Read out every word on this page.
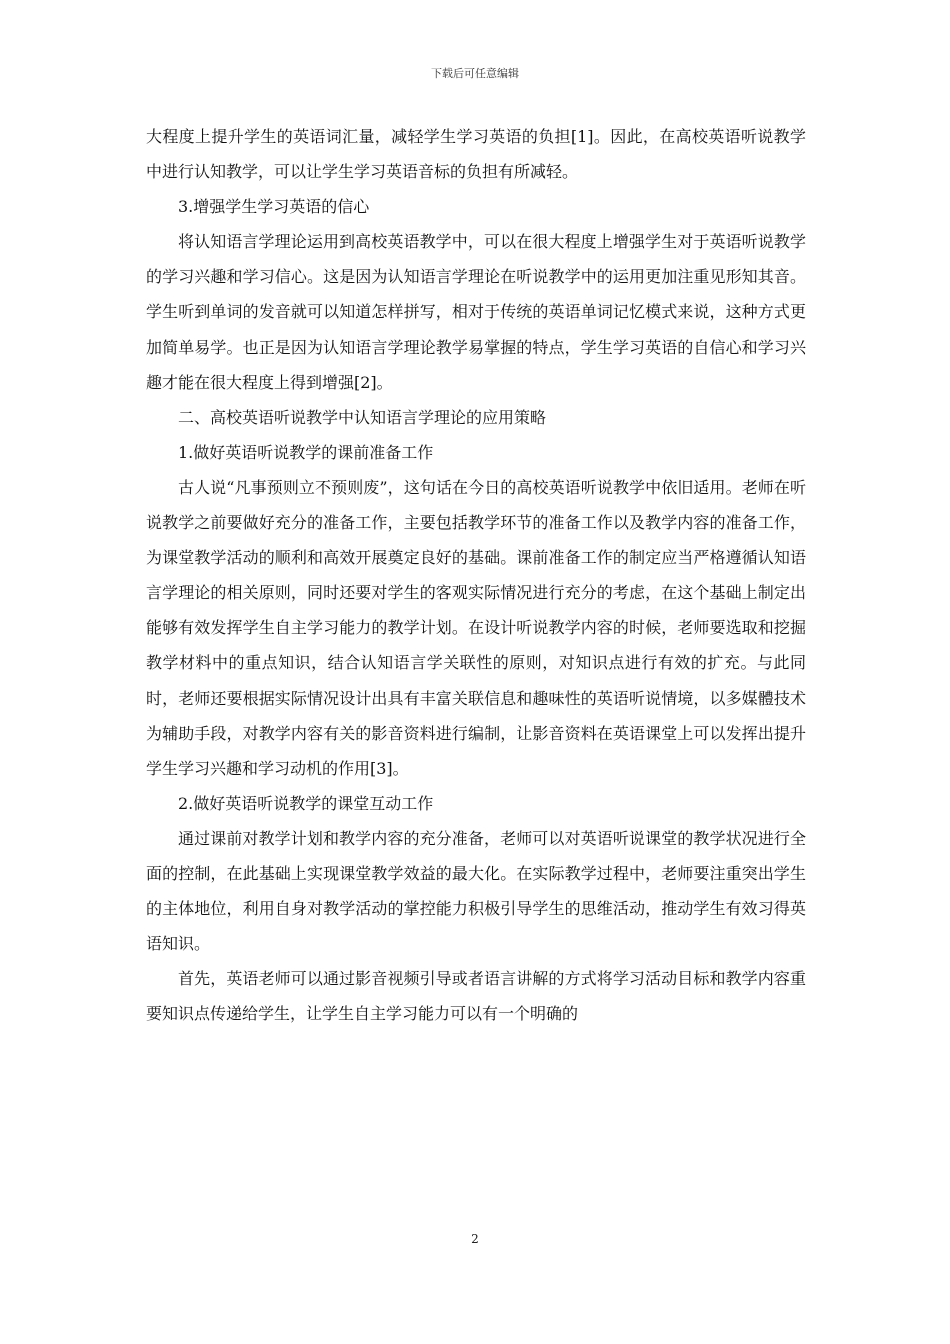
下载后可任意编辑

大程度上提升学生的英语词汇量，减轻学生学习英语的负担[1]。因此，在高校英语听说教学中进行认知教学，可以让学生学习英语音标的负担有所减轻。

3.增强学生学习英语的信心

将认知语言学理论运用到高校英语教学中，可以在很大程度上增强学生对于英语听说教学的学习兴趣和学习信心。这是因为认知语言学理论在听说教学中的运用更加注重见形知其音。学生听到单词的发音就可以知道怎样拼写，相对于传统的英语单词记忆模式来说，这种方式更加简单易学。也正是因为认知语言学理论教学易掌握的特点，学生学习英语的自信心和学习兴趣才能在很大程度上得到增强[2]。

二、高校英语听说教学中认知语言学理论的应用策略

1.做好英语听说教学的课前准备工作

古人说“凡事预则立不预则废”，这句话在今日的高校英语听说教学中依旧适用。老师在听说教学之前要做好充分的准备工作，主要包括教学环节的准备工作以及教学内容的准备工作，为课堂教学活动的顺利和高效开展奠定良好的基础。课前准备工作的制定应当严格遵循认知语言学理论的相关原则，同时还要对学生的客观实际情况进行充分的考虑，在这个基础上制定出能够有效发挥学生自主学习能力的教学计划。在设计听说教学内容的时候，老师要选取和挖掘教学材料中的重点知识，结合认知语言学关联性的原则，对知识点进行有效的扩充。与此同时，老师还要根据实际情况设计出具有丰富关联信息和趣味性的英语听说情境，以多媒體技术为辅助手段，对教学内容有关的影音资料进行编制，让影音资料在英语课堂上可以发挥出提升学生学习兴趣和学习动机的作用[3]。

2.做好英语听说教学的课堂互动工作

通过课前对教学计划和教学内容的充分准备，老师可以对英语听说课堂的教学状况进行全面的控制，在此基础上实现课堂教学效益的最大化。在实际教学过程中，老师要注重突出学生的主体地位，利用自身对教学活动的掌控能力积极引导学生的思维活动，推动学生有效习得英语知识。

首先，英语老师可以通过影音视频引导或者语言讲解的方式将学习活动目标和教学内容重要知识点传递给学生，让学生自主学习能力可以有一个明确的

2
